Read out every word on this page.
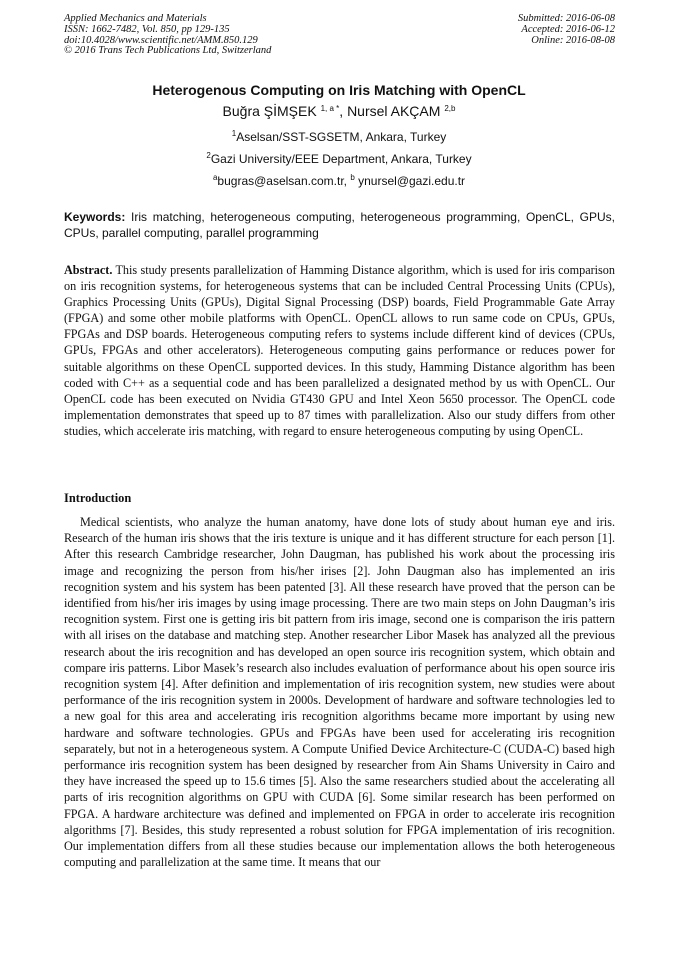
Applied Mechanics and Materials
ISSN: 1662-7482, Vol. 850, pp 129-135
doi:10.4028/www.scientific.net/AMM.850.129
© 2016 Trans Tech Publications Ltd, Switzerland
Submitted: 2016-06-08
Accepted: 2016-06-12
Online: 2016-08-08
Heterogenous Computing on Iris Matching with OpenCL
Buğra ŞİMŞEK $^{1, a *}$, Nursel AKÇAM $^{2,b}$
$^1$Aselsan/SST-SGSETM, Ankara, Turkey
$^2$Gazi University/EEE Department, Ankara, Turkey
$^a$bugras@aselsan.com.tr, $^b$ ynursel@gazi.edu.tr
Keywords: Iris matching, heterogeneous computing, heterogeneous programming, OpenCL, GPUs, CPUs, parallel computing, parallel programming

Abstract. This study presents parallelization of Hamming Distance algorithm, which is used for iris comparison on iris recognition systems, for heterogeneous systems that can be included Central Processing Units (CPUs), Graphics Processing Units (GPUs), Digital Signal Processing (DSP) boards, Field Programmable Gate Array (FPGA) and some other mobile platforms with OpenCL. OpenCL allows to run same code on CPUs, GPUs, FPGAs and DSP boards. Heterogeneous computing refers to systems include different kind of devices (CPUs, GPUs, FPGAs and other accelerators). Heterogeneous computing gains performance or reduces power for suitable algorithms on these OpenCL supported devices. In this study, Hamming Distance algorithm has been coded with C++ as a sequential code and has been parallelized a designated method by us with OpenCL. Our OpenCL code has been executed on Nvidia GT430 GPU and Intel Xeon 5650 processor. The OpenCL code implementation demonstrates that speed up to 87 times with parallelization. Also our study differs from other studies, which accelerate iris matching, with regard to ensure heterogeneous computing by using OpenCL.

Introduction

Medical scientists, who analyze the human anatomy, have done lots of study about human eye and iris. Research of the human iris shows that the iris texture is unique and it has different structure for each person [1]. After this research Cambridge researcher, John Daugman, has published his work about the processing iris image and recognizing the person from his/her irises [2]. John Daugman also has implemented an iris recognition system and his system has been patented [3]. All these research have proved that the person can be identified from his/her iris images by using image processing. There are two main steps on John Daugman’s iris recognition system. First one is getting iris bit pattern from iris image, second one is comparison the iris pattern with all irises on the database and matching step. Another researcher Libor Masek has analyzed all the previous research about the iris recognition and has developed an open source iris recognition system, which obtain and compare iris patterns. Libor Masek’s research also includes evaluation of performance about his open source iris recognition system [4]. After definition and implementation of iris recognition system, new studies were about performance of the iris recognition system in 2000s. Development of hardware and software technologies led to a new goal for this area and accelerating iris recognition algorithms became more important by using new hardware and software technologies. GPUs and FPGAs have been used for accelerating iris recognition separately, but not in a heterogeneous system. A Compute Unified Device Architecture-C (CUDA-C) based high performance iris recognition system has been designed by researcher from Ain Shams University in Cairo and they have increased the speed up to 15.6 times [5]. Also the same researchers studied about the accelerating all parts of iris recognition algorithms on GPU with CUDA [6]. Some similar research has been performed on FPGA. A hardware architecture was defined and implemented on FPGA in order to accelerate iris recognition algorithms [7]. Besides, this study represented a robust solution for FPGA implementation of iris recognition. Our implementation differs from all these studies because our implementation allows the both heterogeneous computing and parallelization at the same time. It means that our
